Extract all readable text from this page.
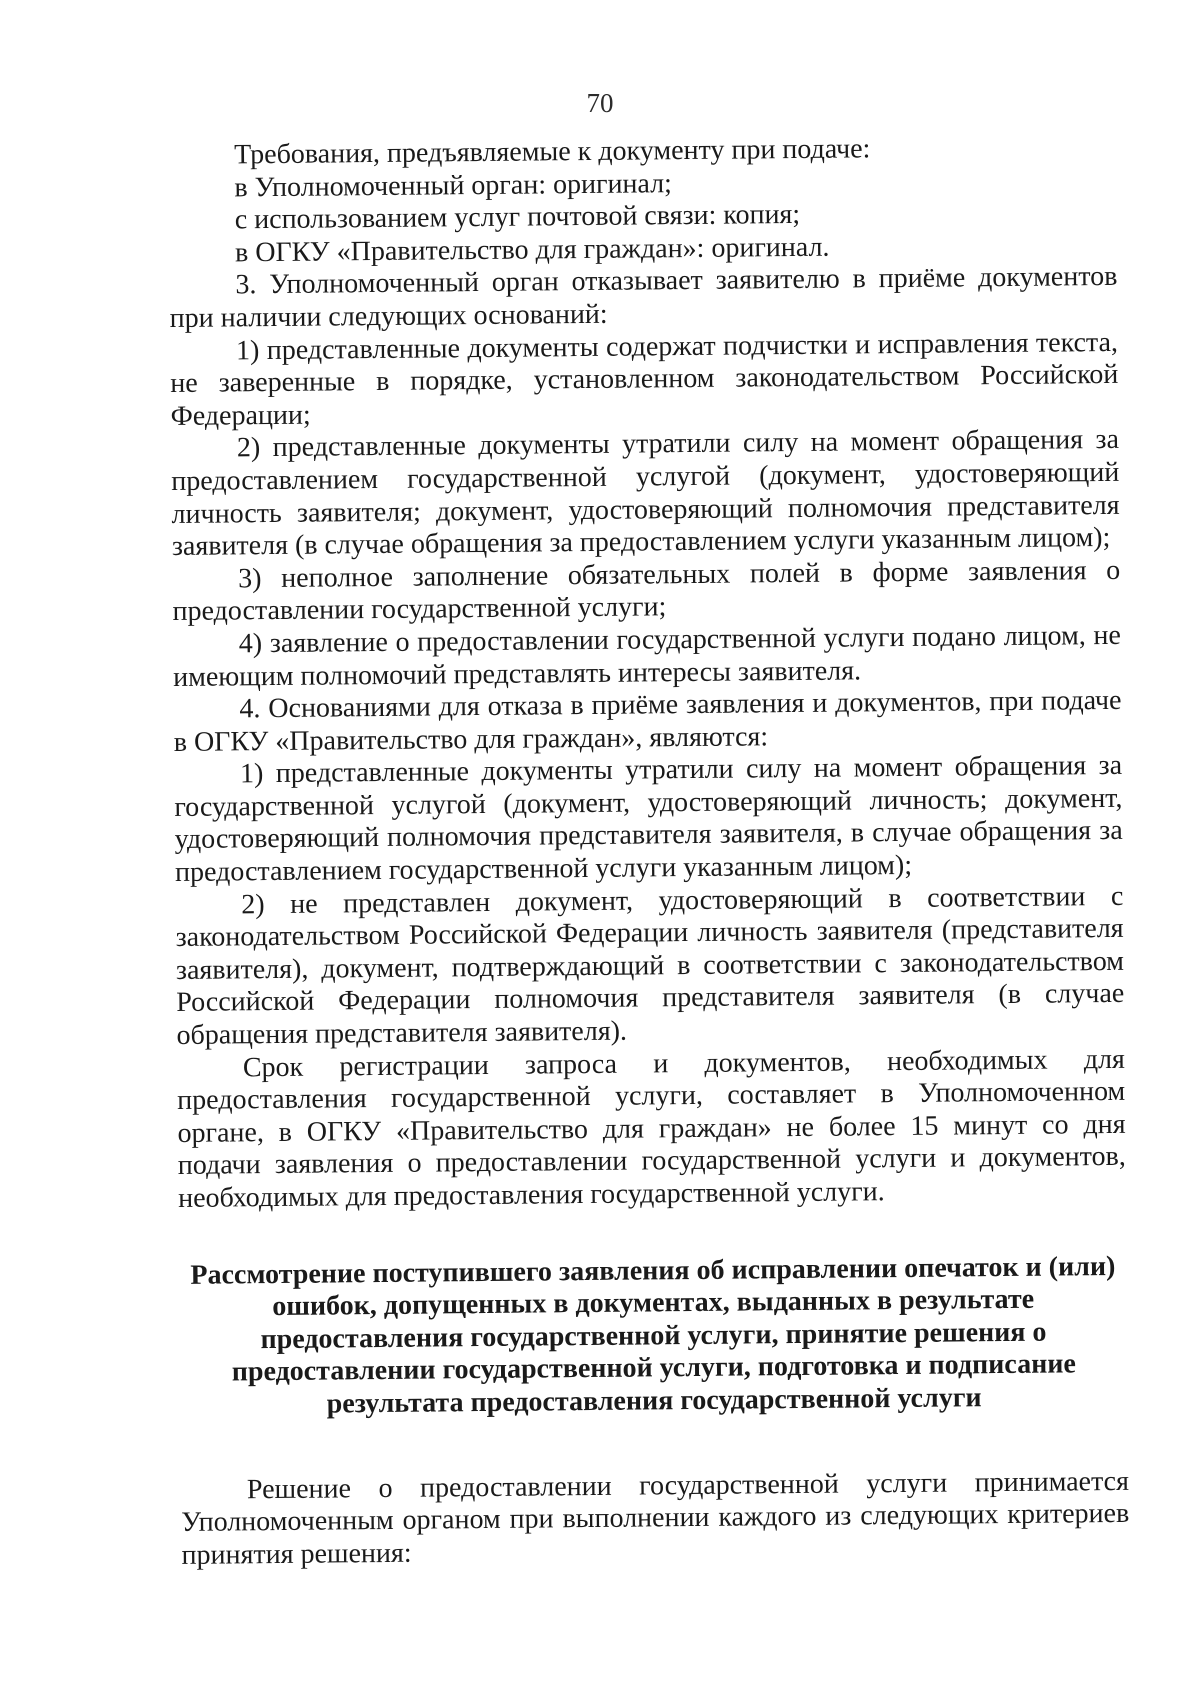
70

Требования, предъявляемые к документу при подаче:

в Уполномоченный орган: оригинал;

с использованием услуг почтовой связи: копия;

в ОГКУ «Правительство для граждан»: оригинал.

3. Уполномоченный орган отказывает заявителю в приёме документов при наличии следующих оснований:

1) представленные документы содержат подчистки и исправления текста, не заверенные в порядке, установленном законодательством Российской Федерации;

2) представленные документы утратили силу на момент обращения за предоставлением государственной услугой (документ, удостоверяющий личность заявителя; документ, удостоверяющий полномочия представителя заявителя (в случае обращения за предоставлением услуги указанным лицом);

3) неполное заполнение обязательных полей в форме заявления о предоставлении государственной услуги;

4) заявление о предоставлении государственной услуги подано лицом, не имеющим полномочий представлять интересы заявителя.

4. Основаниями для отказа в приёме заявления и документов, при подаче в ОГКУ «Правительство для граждан», являются:

1) представленные документы утратили силу на момент обращения за государственной услугой (документ, удостоверяющий личность; документ, удостоверяющий полномочия представителя заявителя, в случае обращения за предоставлением государственной услуги указанным лицом);

2) не представлен документ, удостоверяющий в соответствии с законодательством Российской Федерации личность заявителя (представителя заявителя), документ, подтверждающий в соответствии с законодательством Российской Федерации полномочия представителя заявителя (в случае обращения представителя заявителя).

Срок регистрации запроса и документов, необходимых для предоставления государственной услуги, составляет в Уполномоченном органе, в ОГКУ «Правительство для граждан» не более 15 минут со дня подачи заявления о предоставлении государственной услуги и документов, необходимых для предоставления государственной услуги.

Рассмотрение поступившего заявления об исправлении опечаток и (или) ошибок, допущенных в документах, выданных в результате предоставления государственной услуги, принятие решения о предоставлении государственной услуги, подготовка и подписание результата предоставления государственной услуги

Решение о предоставлении государственной услуги принимается Уполномоченным органом при выполнении каждого из следующих критериев принятия решения:
